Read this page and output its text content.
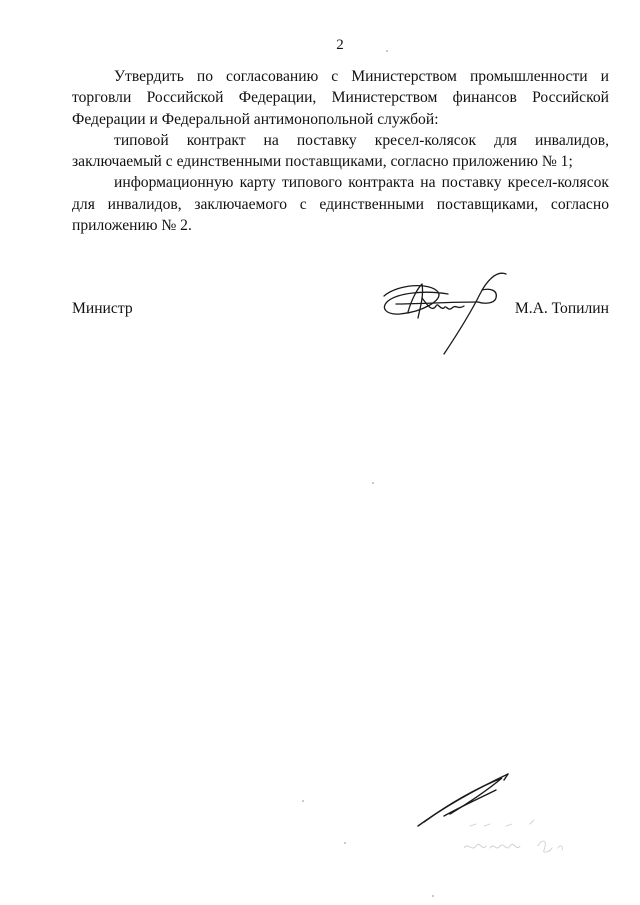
2

Утвердить по согласованию с Министерством промышленности и торговли Российской Федерации, Министерством финансов Российской Федерации и Федеральной антимонопольной службой:

типовой контракт на поставку кресел-колясок для инвалидов, заключаемый с единственными поставщиками, согласно приложению № 1;

информационную карту типового контракта на поставку кресел-колясок для инвалидов, заключаемого с единственными поставщиками, согласно приложению № 2.

Министр	М.А. Топилин
